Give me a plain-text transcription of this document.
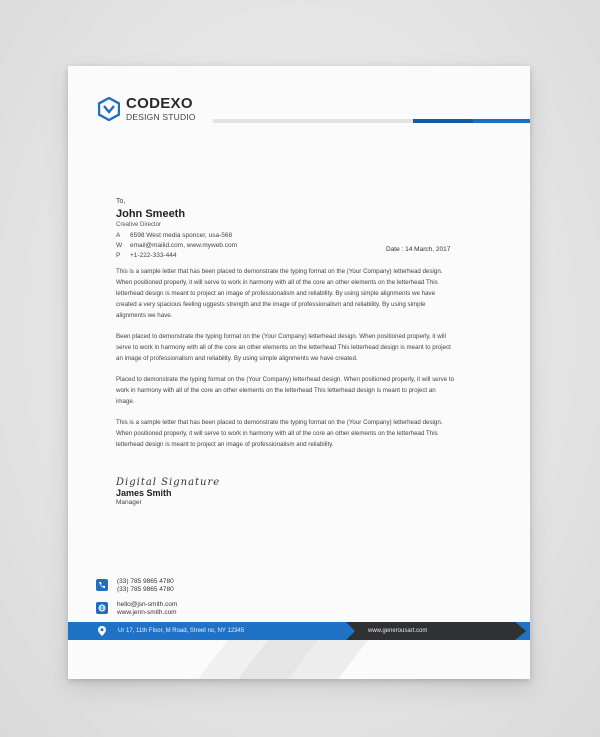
CODEXO
DESIGN STUDIO
To,
John Smeeth
Creative Director
A	6598 West media sponcer, usa-568
W	email@maiiid.com, www.myweb.com
P	+1-222-333-444
Date : 14 March, 2017

This is a sample letter that has been placed to demonstrate the typing format on the (Your Company) letterhead design. When positioned properly, it will serve to work in harmony with all of the core an other elements on the letterhead This letterhead design is meant to project an image of professionalism and reliability. By using simple alignments we have created a very spacious feeling uggests strength and the image of professionalism and reliability. By using simple alignments we have.

Been placed to demonstrate the typing format on the (Your Company) letterhead design. When positioned properly, it will serve to work in harmony with all of the core an other elements on the letterhead This letterhead design is meant to project an image of professionalism and reliability. By using simple alignments we have created.

Placed to demonstrate the typing format on the (Your Company) letterhead design. When positioned properly, it will serve to work in harmony with all of the core an other elements on the letterhead This letterhead design is meant to project an image.

This is a sample letter that has been placed to demonstrate the typing format on the (Your Company) letterhead design. When positioned properly, it will serve to work in harmony with all of the core an other elements on the letterhead This letterhead design is meant to project an image of professionalism and reliability.

Digital Signature
James Smith
Manager
(33) 785 9865 4780
(33) 785 9865 4780
hello@jsn-smith.com
www.jenn-smith.com
Ur 17, 11th Floor, M Road, Street no, NY 12345	www.generousart.com
